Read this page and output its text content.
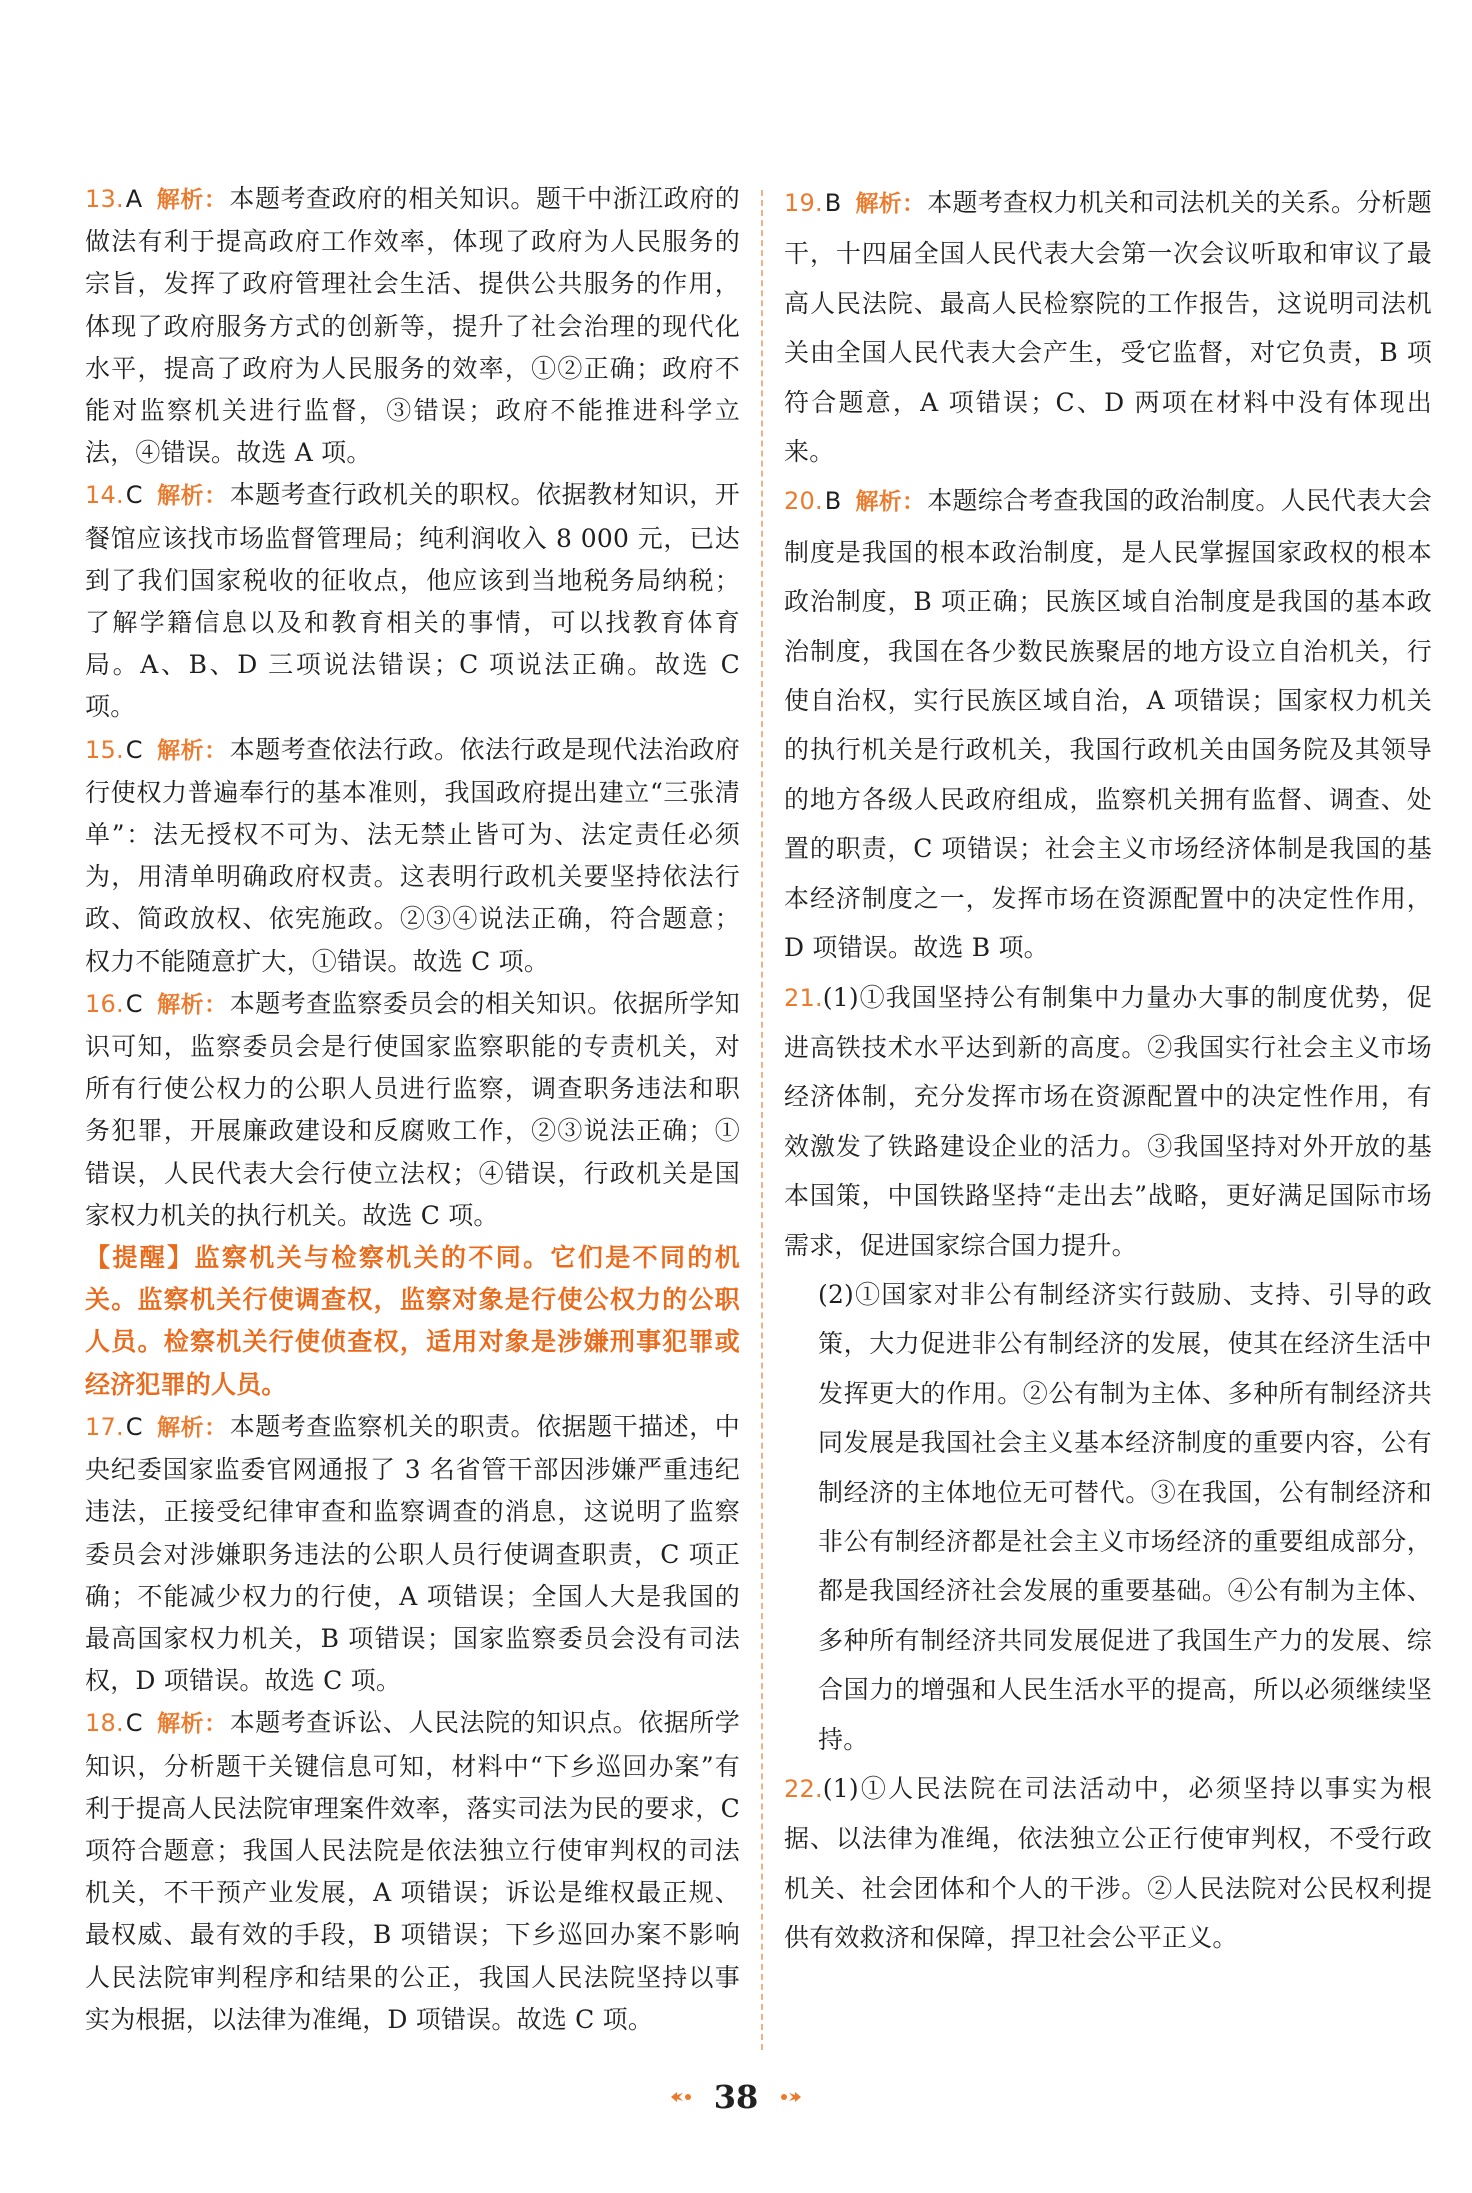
13.A 解析：本题考查政府的相关知识。题干中浙江政府的做法有利于提高政府工作效率，体现了政府为人民服务的宗旨，发挥了政府管理社会生活、提供公共服务的作用，体现了政府服务方式的创新等，提升了社会治理的现代化水平，提高了政府为人民服务的效率，①②正确；政府不能对监察机关进行监督，③错误；政府不能推进科学立法，④错误。故选 A 项。

14.C 解析：本题考查行政机关的职权。依据教材知识，开餐馆应该找市场监督管理局；纯利润收入 8 000 元，已达到了我们国家税收的征收点，他应该到当地税务局纳税；了解学籍信息以及和教育相关的事情，可以找教育体育局。A、B、D 三项说法错误；C 项说法正确。故选 C 项。

15.C 解析：本题考查依法行政。依法行政是现代法治政府行使权力普遍奉行的基本准则，我国政府提出建立“三张清单”：法无授权不可为、法无禁止皆可为、法定责任必须为，用清单明确政府权责。这表明行政机关要坚持依法行政、简政放权、依宪施政。②③④说法正确，符合题意；权力不能随意扩大，①错误。故选 C 项。

16.C 解析：本题考查监察委员会的相关知识。依据所学知识可知，监察委员会是行使国家监察职能的专责机关，对所有行使公权力的公职人员进行监察，调查职务违法和职务犯罪，开展廉政建设和反腐败工作，②③说法正确；①错误，人民代表大会行使立法权；④错误，行政机关是国家权力机关的执行机关。故选 C 项。

【提醒】监察机关与检察机关的不同。它们是不同的机关。监察机关行使调查权，监察对象是行使公权力的公职人员。检察机关行使侦查权，适用对象是涉嫌刑事犯罪或经济犯罪的人员。

17.C 解析：本题考查监察机关的职责。依据题干描述，中央纪委国家监委官网通报了 3 名省管干部因涉嫌严重违纪违法，正接受纪律审查和监察调查的消息，这说明了监察委员会对涉嫌职务违法的公职人员行使调查职责，C 项正确；不能减少权力的行使，A 项错误；全国人大是我国的最高国家权力机关，B 项错误；国家监察委员会没有司法权，D 项错误。故选 C 项。

18.C 解析：本题考查诉讼、人民法院的知识点。依据所学知识，分析题干关键信息可知，材料中“下乡巡回办案”有利于提高人民法院审理案件效率，落实司法为民的要求，C 项符合题意；我国人民法院是依法独立行使审判权的司法机关，不干预产业发展，A 项错误；诉讼是维权最正规、最权威、最有效的手段，B 项错误；下乡巡回办案不影响人民法院审判程序和结果的公正，我国人民法院坚持以事实为根据，以法律为准绳，D 项错误。故选 C 项。

19.B 解析：本题考查权力机关和司法机关的关系。分析题干，十四届全国人民代表大会第一次会议听取和审议了最高人民法院、最高人民检察院的工作报告，这说明司法机关由全国人民代表大会产生，受它监督，对它负责，B 项符合题意，A 项错误；C、D 两项在材料中没有体现出来。

20.B 解析：本题综合考查我国的政治制度。人民代表大会制度是我国的根本政治制度，是人民掌握国家政权的根本政治制度，B 项正确；民族区域自治制度是我国的基本政治制度，我国在各少数民族聚居的地方设立自治机关，行使自治权，实行民族区域自治，A 项错误；国家权力机关的执行机关是行政机关，我国行政机关由国务院及其领导的地方各级人民政府组成，监察机关拥有监督、调查、处置的职责，C 项错误；社会主义市场经济体制是我国的基本经济制度之一，发挥市场在资源配置中的决定性作用，D 项错误。故选 B 项。

21.(1)①我国坚持公有制集中力量办大事的制度优势，促进高铁技术水平达到新的高度。②我国实行社会主义市场经济体制，充分发挥市场在资源配置中的决定性作用，有效激发了铁路建设企业的活力。③我国坚持对外开放的基本国策，中国铁路坚持“走出去”战略，更好满足国际市场需求，促进国家综合国力提升。

(2)①国家对非公有制经济实行鼓励、支持、引导的政策，大力促进非公有制经济的发展，使其在经济生活中发挥更大的作用。②公有制为主体、多种所有制经济共同发展是我国社会主义基本经济制度的重要内容，公有制经济的主体地位无可替代。③在我国，公有制经济和非公有制经济都是社会主义市场经济的重要组成部分，都是我国经济社会发展的重要基础。④公有制为主体、多种所有制经济共同发展促进了我国生产力的发展、综合国力的增强和人民生活水平的提高，所以必须继续坚持。

22.(1)①人民法院在司法活动中，必须坚持以事实为根据、以法律为准绳，依法独立公正行使审判权，不受行政机关、社会团体和个人的干涉。②人民法院对公民权利提供有效救济和保障，捍卫社会公平正义。

38
